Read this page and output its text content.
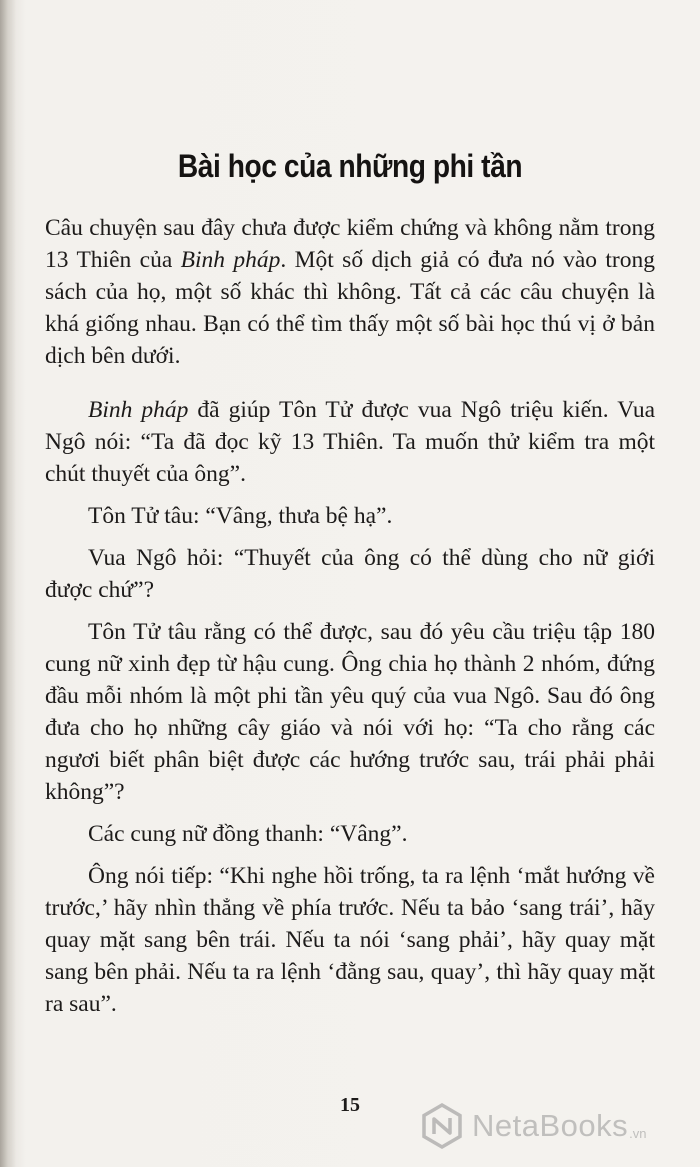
Bài học của những phi tần

Câu chuyện sau đây chưa được kiểm chứng và không nằm trong 13 Thiên của Binh pháp. Một số dịch giả có đưa nó vào trong sách của họ, một số khác thì không. Tất cả các câu chuyện là khá giống nhau. Bạn có thể tìm thấy một số bài học thú vị ở bản dịch bên dưới.

Binh pháp đã giúp Tôn Tử được vua Ngô triệu kiến. Vua Ngô nói: “Ta đã đọc kỹ 13 Thiên. Ta muốn thử kiểm tra một chút thuyết của ông”.

Tôn Tử tâu: “Vâng, thưa bệ hạ”.

Vua Ngô hỏi: “Thuyết của ông có thể dùng cho nữ giới được chứ”?

Tôn Tử tâu rằng có thể được, sau đó yêu cầu triệu tập 180 cung nữ xinh đẹp từ hậu cung. Ông chia họ thành 2 nhóm, đứng đầu mỗi nhóm là một phi tần yêu quý của vua Ngô. Sau đó ông đưa cho họ những cây giáo và nói với họ: “Ta cho rằng các ngươi biết phân biệt được các hướng trước sau, trái phải phải không”?

Các cung nữ đồng thanh: “Vâng”.

Ông nói tiếp: “Khi nghe hồi trống, ta ra lệnh ‘mắt hướng về trước,’ hãy nhìn thẳng về phía trước. Nếu ta bảo ‘sang trái’, hãy quay mặt sang bên trái. Nếu ta nói ‘sang phải’, hãy quay mặt sang bên phải. Nếu ta ra lệnh ‘đằng sau, quay’, thì hãy quay mặt ra sau”.

15
NetaBooks .vn
